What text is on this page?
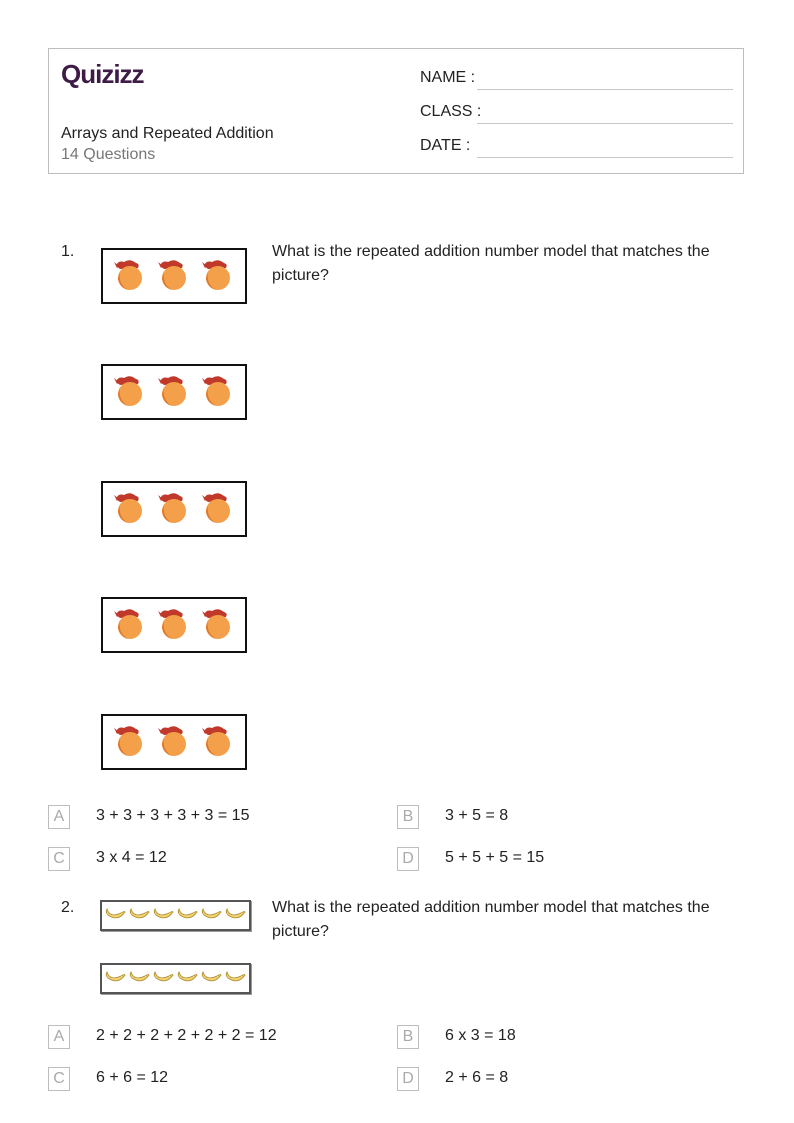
Quizizz
Arrays and Repeated Addition
14 Questions
NAME :
CLASS :
DATE :
1.	What is the repeated addition number model that matches the picture?
A	3 + 3 + 3 + 3 + 3 = 15	B	3 + 5 = 8
C	3 x 4 = 12	D	5 + 5 + 5 = 15
2.	What is the repeated addition number model that matches the picture?
A	2 + 2 + 2 + 2 + 2 + 2 = 12	B	6 x 3 = 18
C	6 + 6 = 12	D	2 + 6 = 8
